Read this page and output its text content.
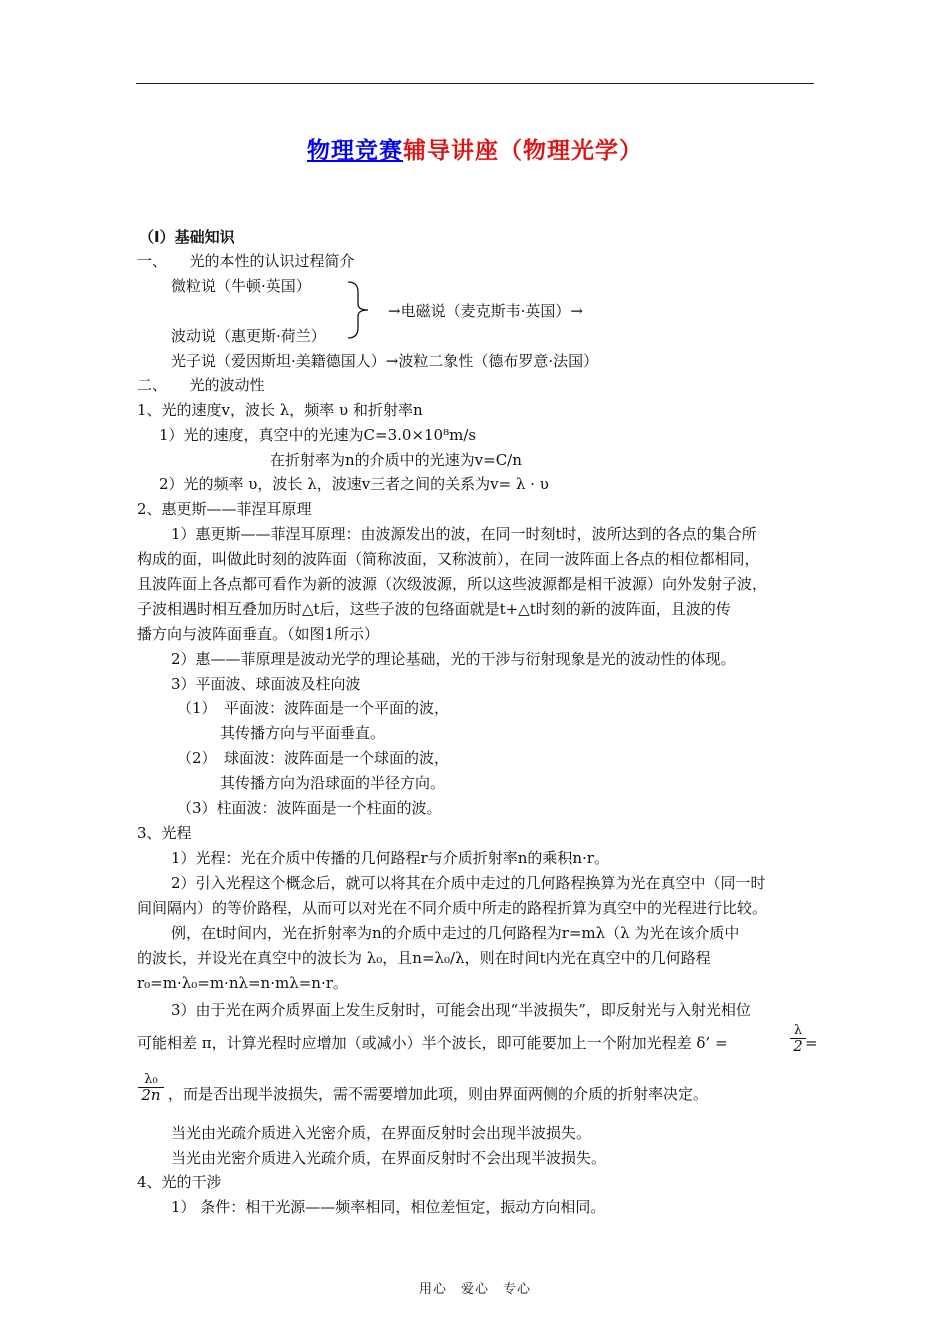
物理竞赛辅导讲座（物理光学）
（Ⅰ）基础知识
一、　　光的本性的认识过程简介
微粒说（牛顿·英国）
→电磁说（麦克斯韦·英国）→
波动说（惠更斯·荷兰）
光子说（爱因斯坦·美籍德国人）→波粒二象性（德布罗意·法国）
二、　　光的波动性
1、光的速度v，波长 λ，频率 υ 和折射率n
1）光的速度，真空中的光速为C=3.0×10⁸m/s
在折射率为n的介质中的光速为v=C/n
2）光的频率 υ，波长 λ，波速v三者之间的关系为v= λ · υ
2、惠更斯——菲涅耳原理
1）惠更斯——菲涅耳原理：由波源发出的波，在同一时刻t时，波所达到的各点的集合所
构成的面，叫做此时刻的波阵面（简称波面，又称波前），在同一波阵面上各点的相位都相同，
且波阵面上各点都可看作为新的波源（次级波源，所以这些波源都是相干波源）向外发射子波，
子波相遇时相互叠加历时△t后，这些子波的包络面就是t+△t时刻的新的波阵面，且波的传
播方向与波阵面垂直。（如图1所示）
2）惠——菲原理是波动光学的理论基础，光的干涉与衍射现象是光的波动性的体现。
3）平面波、球面波及柱向波
（1）　平面波：波阵面是一个平面的波，
其传播方向与平面垂直。
（2）　球面波：波阵面是一个球面的波，
其传播方向为沿球面的半径方向。
（3）柱面波：波阵面是一个柱面的波。
3、光程
1）光程：光在介质中传播的几何路程r与介质折射率n的乘积n·r。
2）引入光程这个概念后，就可以将其在介质中走过的几何路程换算为光在真空中（同一时
间间隔内）的等价路程，从而可以对光在不同介质中所走的路程折算为真空中的光程进行比较。
例，在t时间内，光在折射率为n的介质中走过的几何路程为r=mλ（λ 为光在该介质中
的波长，并设光在真空中的波长为 λ₀，且n=λ₀/λ，则在时间t内光在真空中的几何路程
r₀=m·λ₀=m·nλ=n·mλ=n·r。
3）由于光在两介质界面上发生反射时，可能会出现“半波损失”，即反射光与入射光相位
可能相差 π，计算光程时应增加（或减小）半个波长，即可能要加上一个附加光程差 δ’ =	$\frac{\lambda}{2}$ =
$\frac{\text{λ₀}}{2n}$ ，而是否出现半波损失，需不需要增加此项，则由界面两侧的介质的折射率决定。
当光由光疏介质进入光密介质，在界面反射时会出现半波损失。
当光由光密介质进入光疏介质，在界面反射时不会出现半波损失。
4、光的干涉
1） 条件：相干光源——频率相同，相位差恒定，振动方向相同。
用心　爱心　专心
